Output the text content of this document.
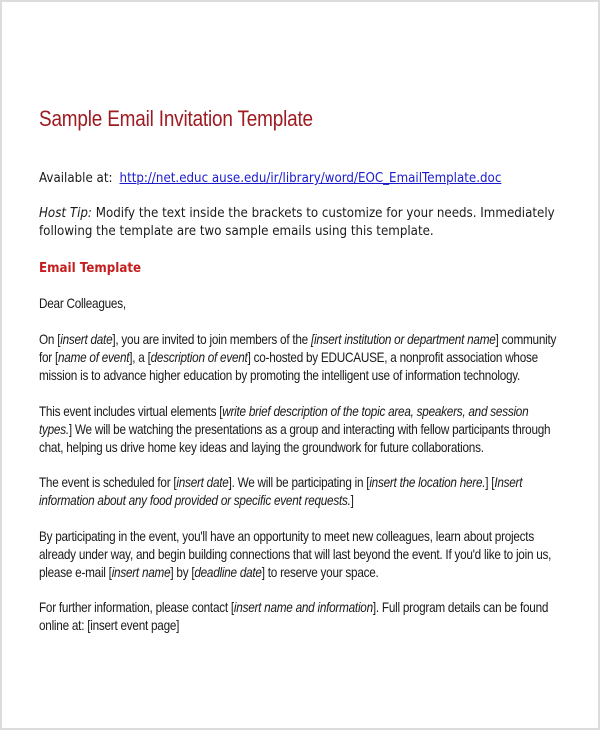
Sample Email Invitation Template
Available at: http://net.educ ause.edu/ir/library/word/EOC_EmailTemplate.doc
Host Tip: Modify the text inside the brackets to customize for your needs. Immediately
following the template are two sample emails using this template.
Email Template
Dear Colleagues,
On [insert date], you are invited to join members of the [insert institution or department name] community
for [name of event], a [description of event] co-hosted by EDUCAUSE, a nonprofit association whose
mission is to advance higher education by promoting the intelligent use of information technology.
This event includes virtual elements [write brief description of the topic area, speakers, and session
types.] We will be watching the presentations as a group and interacting with fellow participants through
chat, helping us drive home key ideas and laying the groundwork for future collaborations.
The event is scheduled for [insert date]. We will be participating in [insert the location here.] [Insert
information about any food provided or specific event requests.]
By participating in the event, you'll have an opportunity to meet new colleagues, learn about projects
already under way, and begin building connections that will last beyond the event. If you'd like to join us,
please e-mail [insert name] by [deadline date] to reserve your space.
For further information, please contact [insert name and information]. Full program details can be found
online at: [insert event page]
